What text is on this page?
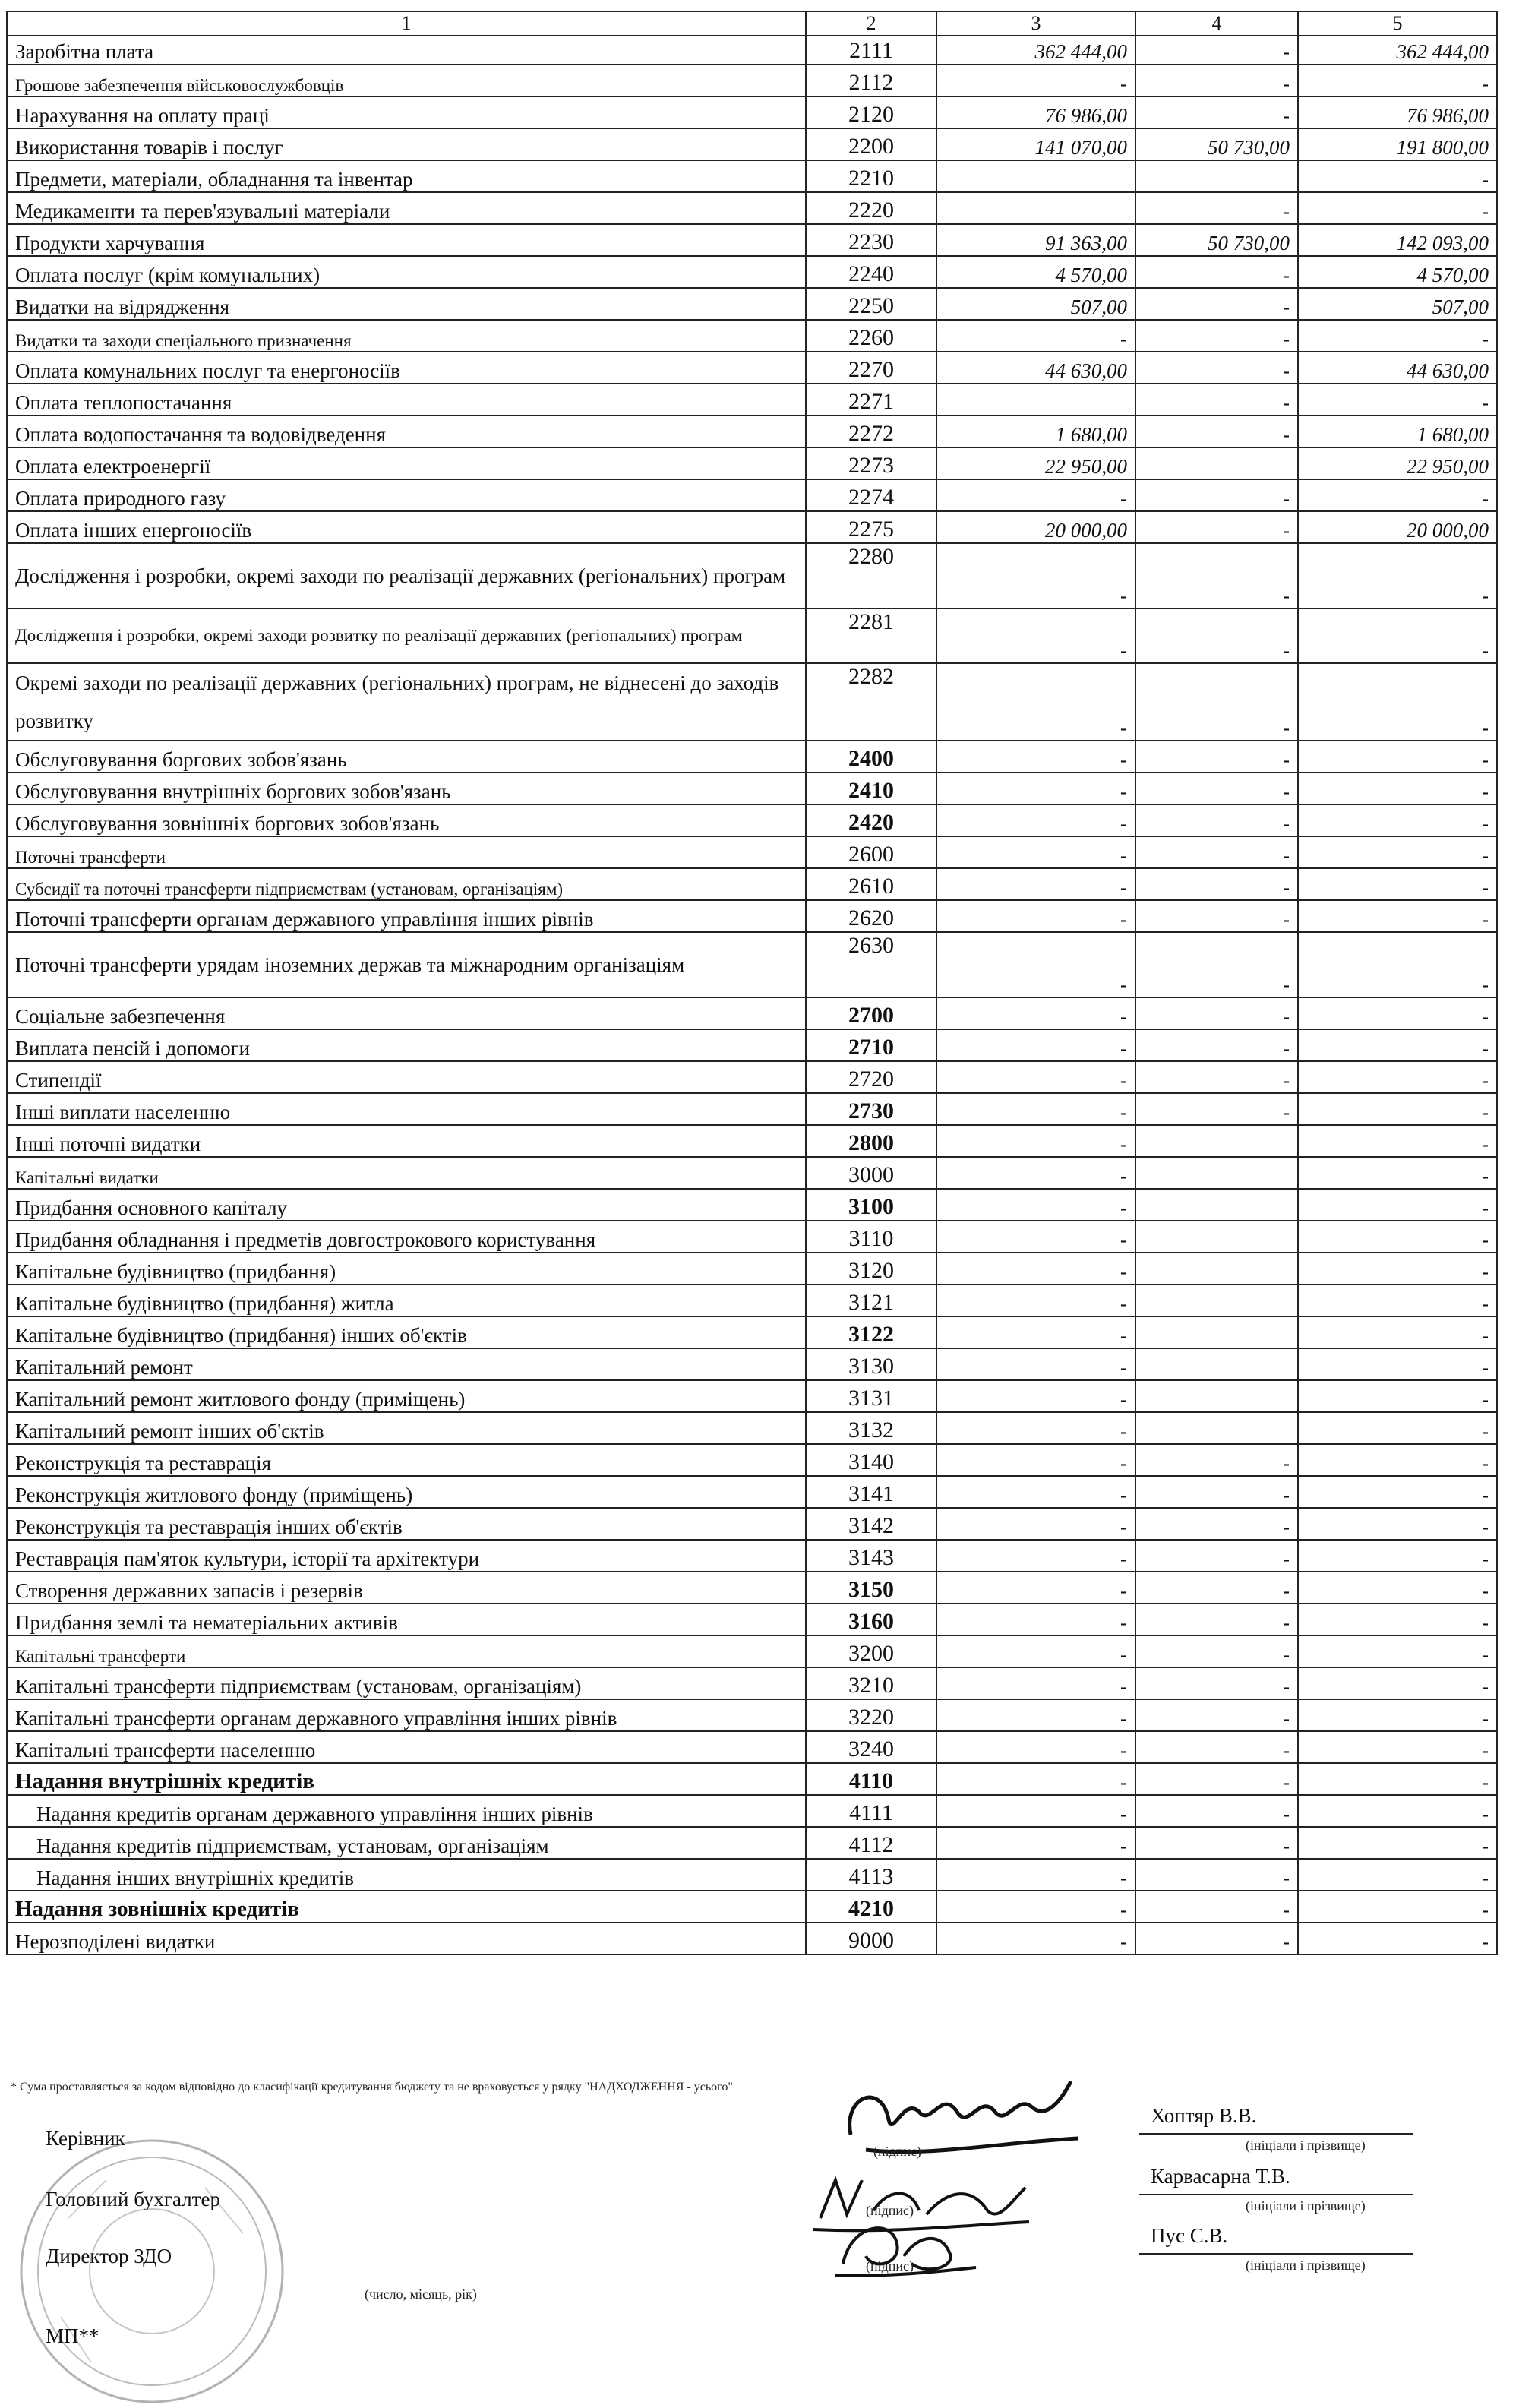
1	2	3	4	5
Заробітна плата	2111	362 444,00	-	362 444,00
Грошове забезпечення військовослужбовців	2112	-	-	-
Нарахування на оплату праці	2120	76 986,00	-	76 986,00
Використання товарів і послуг	2200	141 070,00	50 730,00	191 800,00
Предмети, матеріали, обладнання та інвентар	2210			-
Медикаменти та перев'язувальні матеріали	2220		-	-
Продукти харчування	2230	91 363,00	50 730,00	142 093,00
Оплата послуг (крім комунальних)	2240	4 570,00	-	4 570,00
Видатки на відрядження	2250	507,00	-	507,00
Видатки та заходи спеціального призначення	2260	-	-	-
Оплата комунальних послуг та енергоносіїв	2270	44 630,00	-	44 630,00
Оплата теплопостачання	2271		-	-
Оплата водопостачання та водовідведення	2272	1 680,00	-	1 680,00
Оплата електроенергії	2273	22 950,00		22 950,00
Оплата природного газу	2274	-	-	-
Оплата інших енергоносіїв	2275	20 000,00	-	20 000,00
Дослідження і розробки, окремі заходи по реалізації державних (регіональних) програм	2280	-	-	-
Дослідження і розробки, окремі заходи розвитку по реалізації державних (регіональних) програм	2281	-	-	-
Окремі заходи по реалізації державних (регіональних) програм, не віднесені до заходів розвитку	2282	-	-	-
Обслуговування боргових зобов'язань	2400	-	-	-
Обслуговування внутрішніх боргових зобов'язань	2410	-	-	-
Обслуговування зовнішніх боргових зобов'язань	2420	-	-	-
Поточні трансферти	2600	-	-	-
Субсидії та поточні трансферти підприємствам (установам, організаціям)	2610	-	-	-
Поточні трансферти органам державного управління інших рівнів	2620	-	-	-
Поточні трансферти урядам іноземних держав та міжнародним організаціям	2630	-	-	-
Соціальне забезпечення	2700	-	-	-
Виплата пенсій і допомоги	2710	-	-	-
Стипендії	2720	-	-	-
Інші виплати населенню	2730	-	-	-
Інші поточні видатки	2800	-		-
Капітальні видатки	3000	-		-
Придбання основного капіталу	3100	-		-
Придбання обладнання і предметів довгострокового користування	3110	-		-
Капітальне будівництво (придбання)	3120	-		-
Капітальне будівництво (придбання) житла	3121	-		-
Капітальне будівництво (придбання) інших об'єктів	3122	-		-
Капітальний ремонт	3130	-		-
Капітальний ремонт житлового фонду (приміщень)	3131	-		-
Капітальний ремонт інших об'єктів	3132	-		-
Реконструкція та реставрація	3140	-	-	-
Реконструкція житлового фонду (приміщень)	3141	-	-	-
Реконструкція та реставрація інших об'єктів	3142	-	-	-
Реставрація пам'яток культури, історії та архітектури	3143	-	-	-
Створення державних запасів і резервів	3150	-	-	-
Придбання землі та нематеріальних активів	3160	-	-	-
Капітальні трансферти	3200	-	-	-
Капітальні трансферти підприємствам (установам, організаціям)	3210	-	-	-
Капітальні трансферти органам державного управління інших рівнів	3220	-	-	-
Капітальні трансферти населенню	3240	-	-	-
Надання внутрішніх кредитів	4110	-	-	-
Надання кредитів органам державного управління інших рівнів	4111	-	-	-
Надання кредитів підприємствам, установам, організаціям	4112	-	-	-
Надання інших внутрішніх кредитів	4113	-	-	-
Надання зовнішніх кредитів	4210	-	-	-
Нерозподілені видатки	9000	-	-	-
* Сума проставляється за кодом відповідно до класифікації кредитування бюджету та не враховується у рядку "НАДХОДЖЕННЯ - усього"
Керівник
Головний бухгалтер
Директор ЗДО
(число, місяць, рік)
МП**
(підпис)
(підпис)
(підпис)
Хоптяр В.В.
(ініціали і прізвище)
Карвасарна Т.В.
(ініціали і прізвище)
Пус С.В.
(ініціали і прізвище)
